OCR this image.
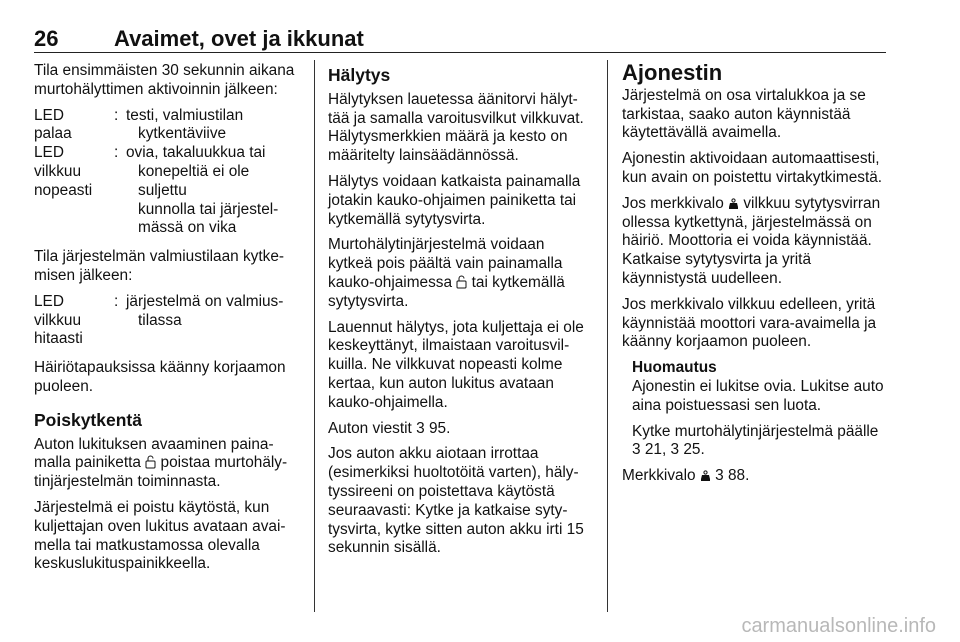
26	Avaimet, ovet ja ikkunat

Tila ensimmäisten 30 sekunnin aikana murtohälyttimen aktivoinnin jälkeen:

LED
palaa
: testi, valmiustilan
kytkentäviive
LED
vilkkuu
nopeasti
: ovia, takaluukkua tai
konepeltiä ei ole suljettu
kunnolla tai järjestel-
mässä on vika

Tila järjestelmän valmiustilaan kytkemisen jälkeen:

LED
vilkkuu
hitaasti
: järjestelmä on valmius-
tilassa

Häiriötapauksissa käänny korjaamon puoleen.

Poiskytkentä

Auton lukituksen avaaminen painamalla painiketta poistaa murtohälytinjärjestelmän toiminnasta.

Järjestelmä ei poistu käytöstä, kun kuljettajan oven lukitus avataan avaimella tai matkustamossa olevalla keskuslukituspainikkeella.

Hälytys

Hälytyksen lauetessa äänitorvi hälyttää ja samalla varoitusvilkut vilkkuvat. Hälytysmerkkien määrä ja kesto on määritelty lainsäädännössä.

Hälytys voidaan katkaista painamalla jotakin kauko-ohjaimen painiketta tai kytkemällä sytytysvirta.

Murtohälytinjärjestelmä voidaan kytkeä pois päältä vain painamalla kauko-ohjaimessa tai kytkemällä sytytysvirta.

Lauennut hälytys, jota kuljettaja ei ole keskeyttänyt, ilmaistaan varoitusvilkuilla. Ne vilkkuvat nopeasti kolme kertaa, kun auton lukitus avataan kauko-ohjaimella.

Auton viestit 3 95.

Jos auton akku aiotaan irrottaa (esimerkiksi huoltotöitä varten), hälytyssireeni on poistettava käytöstä seuraavasti: Kytke ja katkaise sytytysvirta, kytke sitten auton akku irti 15 sekunnin sisällä.

Ajonestin

Järjestelmä on osa virtalukkoa ja se tarkistaa, saako auton käynnistää käytettävällä avaimella.

Ajonestin aktivoidaan automaattisesti, kun avain on poistettu virtakytkimestä.

Jos merkkivalo vilkkuu sytytysvirran ollessa kytkettynä, järjestelmässä on häiriö. Moottoria ei voida käynnistää. Katkaise sytytysvirta ja yritä käynnistystä uudelleen.

Jos merkkivalo vilkkuu edelleen, yritä käynnistää moottori vara-avaimella ja käänny korjaamon puoleen.

Huomautus

Ajonestin ei lukitse ovia. Lukitse auto aina poistuessasi sen luota.

Kytke murtohälytinjärjestelmä päälle 3 21, 3 25.

Merkkivalo 3 88.

carmanualsonline.info
